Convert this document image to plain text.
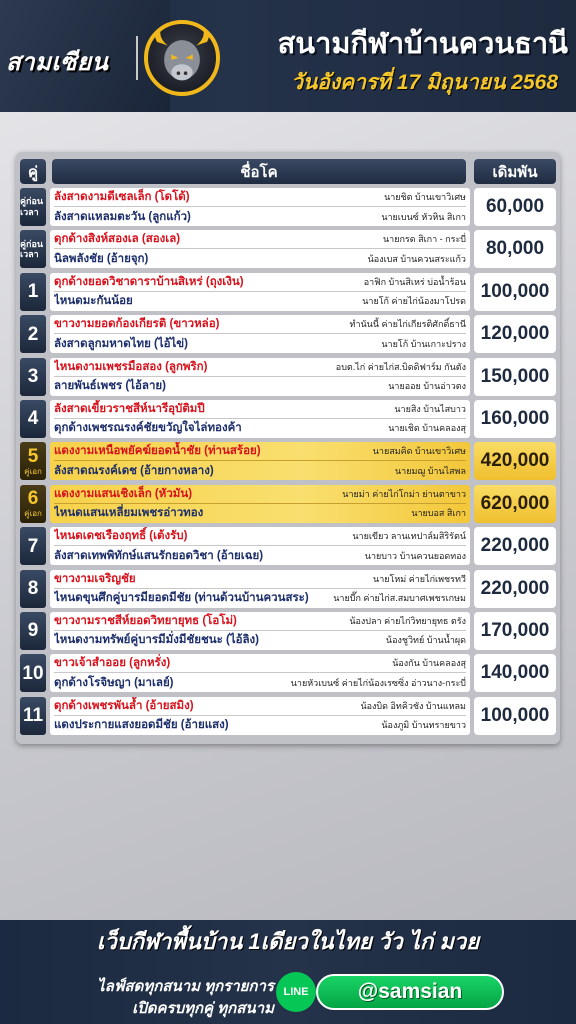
สามเซียน
สนามกีฬาบ้านควนธานี
วันอังคารที่ 17 มิถุนายน 2568
คู่	ชื่อโค	เดิมพัน
คู่ก่อนเวลา
ลังสาดงามดีเซลเล็ก (โดโด้)	นายชิต บ้านเขาวิเศษ
ลังสาดแหลมตะวัน (ลูกแก้ว)	นายเบนซ์ หัวหิน สิเกา	60,000
คู่ก่อนเวลา
ดุกด้างสิงห์สองเล (สองเล)	นายกรด สิเกา - กระบี่
นิลพลังชัย (อ้ายจุก)	น้องเบส บ้านควนสระแก้ว	80,000
1 ดุกด้างยอดวิชาดาราบ้านสิเหร่ (ถุงเงิน)	อาฟิก บ้านสิเหร่ บ่อน้ำร้อน
ไหนดมะกันน้อย	นายโก้ ค่ายไก่น้องมาโปรด 100,000
2 ขาวงามยอดก้องเกียรติ (ขาวหล่อ)	ทำนันนี้ ค่ายไก่เกียรติศักดิ์ธานี
ลังสาดลูกมหาดไทย (ไอ้ไข่)	นายโก้ บ้านเกาะปราง 120,000
3 ไหนดงามเพชรมือสอง (ลูกพริก)	อบต.ไก่ ค่ายไก่ส.บิดดิฟาร์ม กันตัง
ลายพันธ์เพชร (ไอ้ลาย)	นายออย บ้านอ่าวตง 150,000
4 ลังสาดเขี้ยวราชสีห์นารีอุบัติมปี	นายสิง บ้านไสบาว
ดุกด้างเพชรณรงค์ชัยขวัญใจไล่ทองค้า	นายเชิด บ้านคลองสุ 160,000
5
คู่เอก
แดงงามเหนือพยัคฆ์ยอดน้ำชัย (ท่านสร้อย)	นายสมคิด บ้านเขาวิเศษ
ลังสาดณรงค์เดช (อ้ายกางหลาง)	นายมฌู บ้านไสพล 420,000
6
คู่เอก
แดงงามแสนเชิงเล็ก (หัวมัน)	นายม่า ค่ายไก่โกม่า ย่านตาขาว
ไหนดแสนเหลี่ยมเพชรอ่าวทอง	นายบอส สิเกา 620,000
7 ไหนดเดชเรืองฤทธิ์ (เต้งรับ)	นายเขียว ลานเทปาล์มสิริรัตน์
ลังสาดเทพพิทักษ์แสนรักยอดวิชา (อ้ายเฉย)	นายบาว บ้านควนยอดทอง 220,000
8 ขาวงามเจริญชัย	นายโหม่ ค่ายไก่เพชรทวี
ไหนดขุนศึกคู่บารมียอดมีชัย (ท่านด้วนบ้านควนสระ)	นายบี๊ก ค่ายไก่ส.สมบาศเพชรเกษม 220,000
9 ขาวงามราชสีห์ยอดวิทยายุทธ (โอโม่)	น้องปลา ค่ายไก่วิทยายุทธ ตรัง
ไหนดงามทรัพย์คู่บารมีมั่งมีชัยชนะ (ไอ้ลิง)	น้องชูวิทย์ บ้านน้ำผุด 170,000
10 ขาวเจ้าสำออย (ลูกหรั่ง)	น้องกัน บ้านคลองสุ
ดุกด้างโรจิษญา (มาเลย์)	นายหัวเบนซ์ ค่ายไก่น้องเรซซิ่ง อ่าวนาง-กระบี่ 140,000
11 ดุกด้างเพชรพันล้ำ (อ้ายสมิง)	น้องบิด อิทคิวชัง บ้านแหลม
แดงประกายแสงยอดมีชัย (อ้ายแสง)	น้องภูมิ บ้านทรายขาว 100,000
เว็บกีฬาพื้นบ้าน 1เดียวในไทย วัว ไก่ มวย
ไลฟ์สดทุกสนาม ทุกรายการ
เปิดครบทุกคู่ ทุกสนาม
LINE	@samsian
